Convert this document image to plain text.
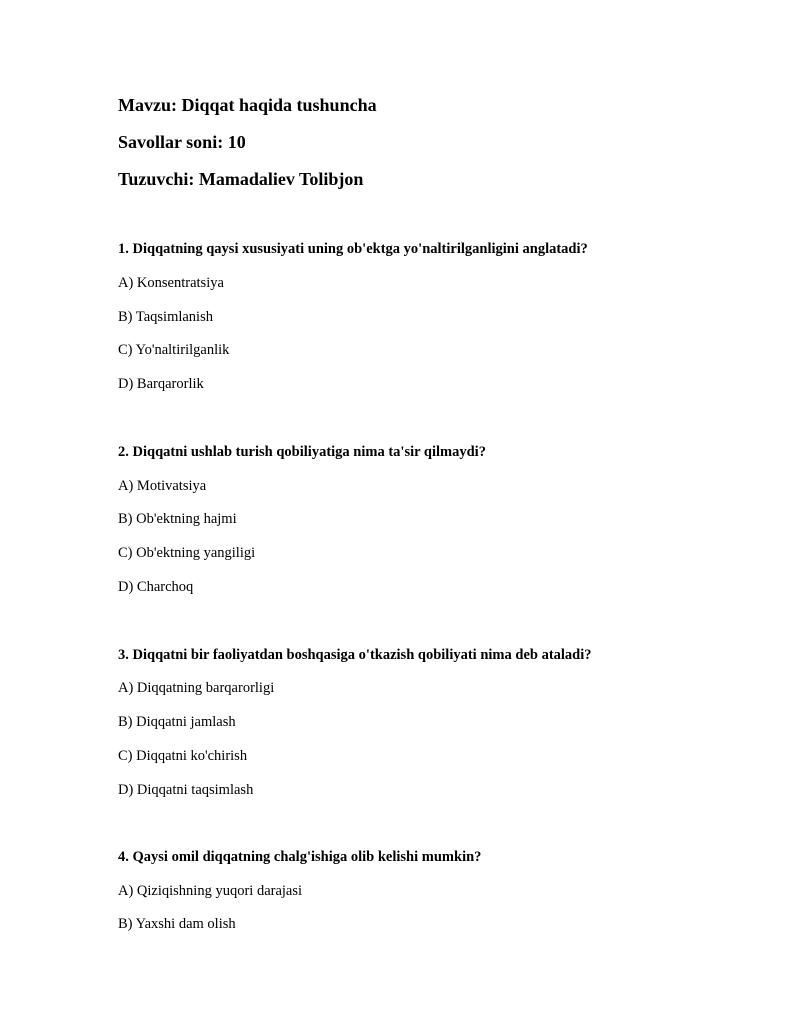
Mavzu: Diqqat haqida tushuncha
Savollar soni: 10
Tuzuvchi: Mamadaliev Tolibjon
1. Diqqatning qaysi xususiyati uning ob'ektga yo'naltirilganligini anglatadi?
A) Konsentratsiya
B) Taqsimlanish
C) Yo'naltirilganlik
D) Barqarorlik
2. Diqqatni ushlab turish qobiliyatiga nima ta'sir qilmaydi?
A) Motivatsiya
B) Ob'ektning hajmi
C) Ob'ektning yangiligi
D) Charchoq
3. Diqqatni bir faoliyatdan boshqasiga o'tkazish qobiliyati nima deb ataladi?
A) Diqqatning barqarorligi
B) Diqqatni jamlash
C) Diqqatni ko'chirish
D) Diqqatni taqsimlash
4. Qaysi omil diqqatning chalg'ishiga olib kelishi mumkin?
A) Qiziqishning yuqori darajasi
B) Yaxshi dam olish
